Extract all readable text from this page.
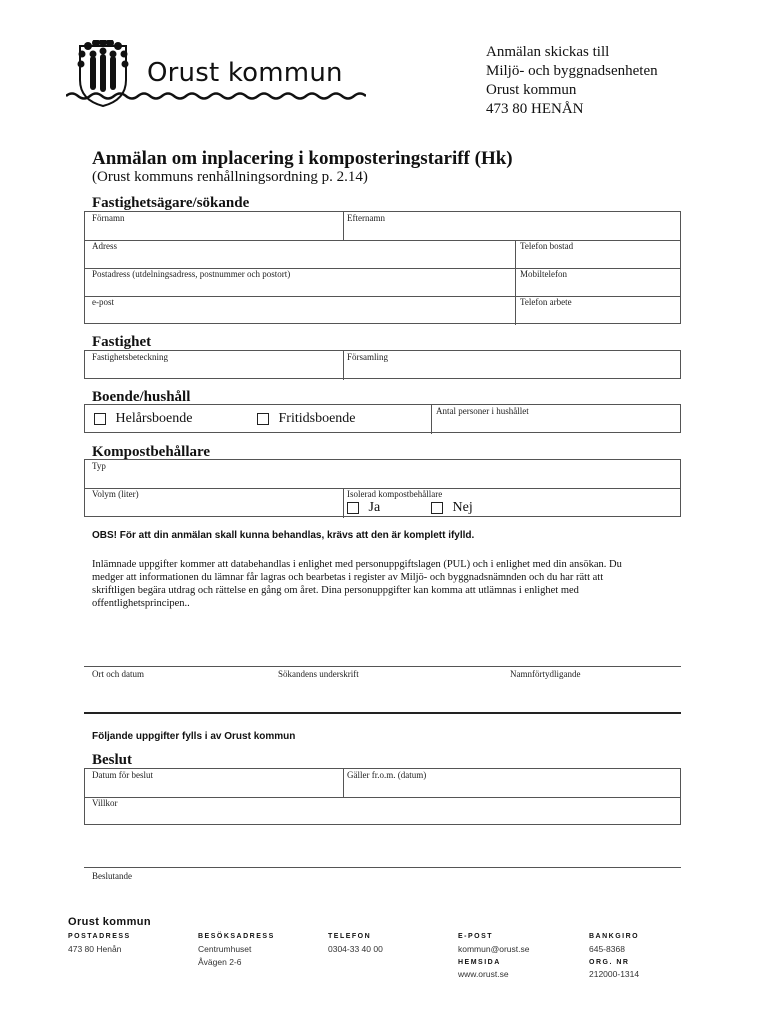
Orust kommun
Anmälan skickas till
Miljö- och byggnadsenheten
Orust kommun
473 80 HENÅN
Anmälan om inplacering i komposteringstariff (Hk)
(Orust kommuns renhållningsordning p. 2.14)
Fastighetsägare/sökande
Förnamn	Efternamn
Adress	Telefon bostad
Postadress (utdelningsadress, postnummer och postort)	Mobiltelefon
e-post	Telefon arbete
Fastighet
Fastighetsbeteckning	Församling
Boende/hushåll
Helårsboende	Fritidsboende	Antal personer i hushållet
Kompostbehållare
Typ
Volym (liter)	Isolerad kompostbehållare
Ja	Nej
OBS! För att din anmälan skall kunna behandlas, krävs att den är komplett ifylld.
Inlämnade uppgifter kommer att databehandlas i enlighet med personuppgiftslagen (PUL) och i enlighet med din ansökan. Du
medger att informationen du lämnar får lagras och bearbetas i register av Miljö- och byggnadsnämnden och du har rätt att
skriftligen begära utdrag och rättelse en gång om året. Dina personuppgifter kan komma att utlämnas i enlighet med
offentlighetsprincipen..
Ort och datum	Sökandens underskrift	Namnförtydligande
Följande uppgifter fylls i av Orust kommun
Beslut
Datum för beslut	Gäller fr.o.m. (datum)
Villkor
Beslutande
Orust kommun
POSTADRESS
473 80 Henån
BESÖKSADRESS
Centrumhuset
Åvägen 2-6
TELEFON
0304-33 40 00
E-POST
kommun@orust.se
HEMSIDA
www.orust.se
BANKGIRO
645-8368
ORG. NR
212000-1314
